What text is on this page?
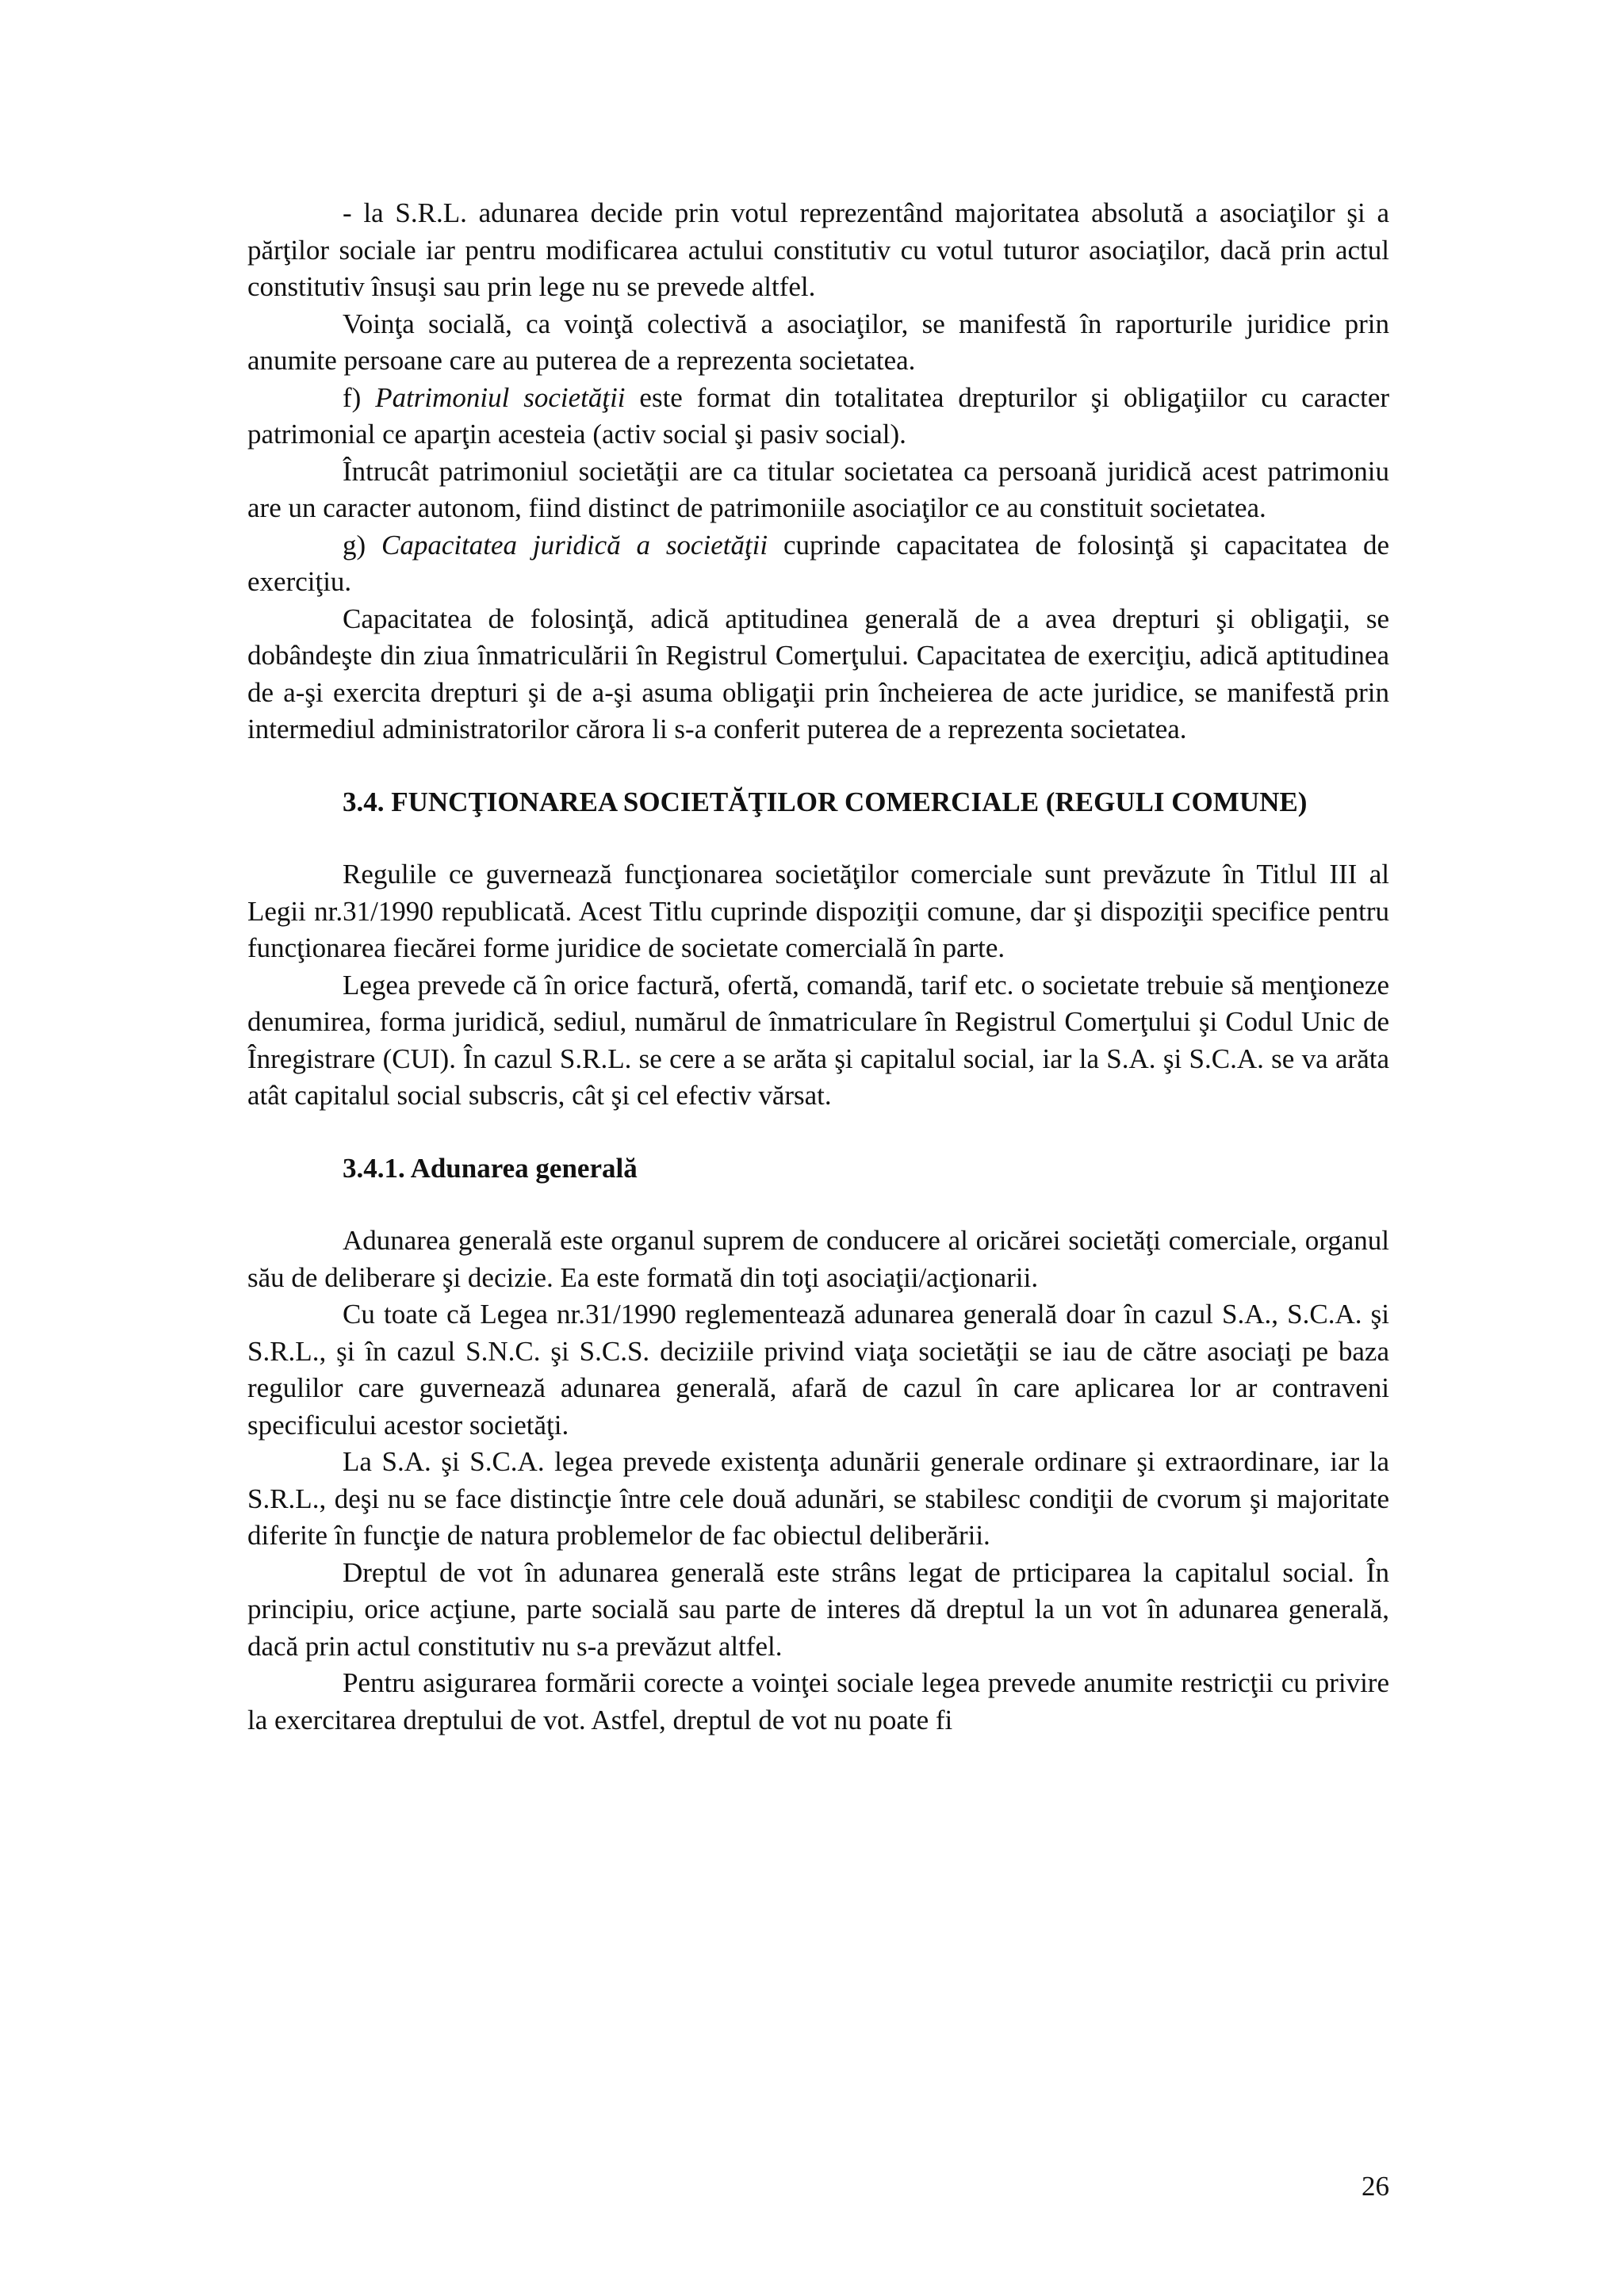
- la S.R.L. adunarea decide prin votul reprezentând majoritatea absolută a asociaţilor şi a părţilor sociale iar pentru modificarea actului constitutiv cu votul tuturor asociaţilor, dacă prin actul constitutiv însuşi sau prin lege nu se prevede altfel.

Voinţa socială, ca voinţă colectivă a asociaţilor, se manifestă în raporturile juridice prin anumite persoane care au puterea de a reprezenta societatea.

f) Patrimoniul societăţii este format din totalitatea drepturilor şi obligaţiilor cu caracter patrimonial ce aparţin acesteia (activ social şi pasiv social).

Întrucât patrimoniul societăţii are ca titular societatea ca persoană juridică acest patrimoniu are un caracter autonom, fiind distinct de patrimoniile asociaţilor ce au constituit societatea.

g) Capacitatea juridică a societăţii cuprinde capacitatea de folosinţă şi capacitatea de exerciţiu.

Capacitatea de folosinţă, adică aptitudinea generală de a avea drepturi şi obligaţii, se dobândeşte din ziua înmatriculării în Registrul Comerţului. Capacitatea de exerciţiu, adică aptitudinea de a-şi exercita drepturi şi de a-şi asuma obligaţii prin încheierea de acte juridice, se manifestă prin intermediul administratorilor cărora li s-a conferit puterea de a reprezenta societatea.

3.4. FUNCŢIONAREA SOCIETĂŢILOR COMERCIALE (REGULI COMUNE)

Regulile ce guvernează funcţionarea societăţilor comerciale sunt prevăzute în Titlul III al Legii nr.31/1990 republicată. Acest Titlu cuprinde dispoziţii comune, dar şi dispoziţii specifice pentru funcţionarea fiecărei forme juridice de societate comercială în parte.

Legea prevede că în orice factură, ofertă, comandă, tarif etc. o societate trebuie să menţioneze denumirea, forma juridică, sediul, numărul de înmatriculare în Registrul Comerţului şi Codul Unic de Înregistrare (CUI). În cazul S.R.L. se cere a se arăta şi capitalul social, iar la S.A. şi S.C.A. se va arăta atât capitalul social subscris, cât şi cel efectiv vărsat.

3.4.1. Adunarea generală

Adunarea generală este organul suprem de conducere al oricărei societăţi comerciale, organul său de deliberare şi decizie. Ea este formată din toţi asociaţii/acţionarii.

Cu toate că Legea nr.31/1990 reglementează adunarea generală doar în cazul S.A., S.C.A. şi S.R.L., şi în cazul S.N.C. şi S.C.S. deciziile privind viaţa societăţii se iau de către asociaţi pe baza regulilor care guvernează adunarea generală, afară de cazul în care aplicarea lor ar contraveni specificului acestor societăţi.

La S.A. şi S.C.A. legea prevede existenţa adunării generale ordinare şi extraordinare, iar la S.R.L., deşi nu se face distincţie între cele două adunări, se stabilesc condiţii de cvorum şi majoritate diferite în funcţie de natura problemelor de fac obiectul deliberării.

Dreptul de vot în adunarea generală este strâns legat de prticiparea la capitalul social. În principiu, orice acţiune, parte socială sau parte de interes dă dreptul la un vot în adunarea generală, dacă prin actul constitutiv nu s-a prevăzut altfel.

Pentru asigurarea formării corecte a voinţei sociale legea prevede anumite restricţii cu privire la exercitarea dreptului de vot. Astfel, dreptul de vot nu poate fi

26
